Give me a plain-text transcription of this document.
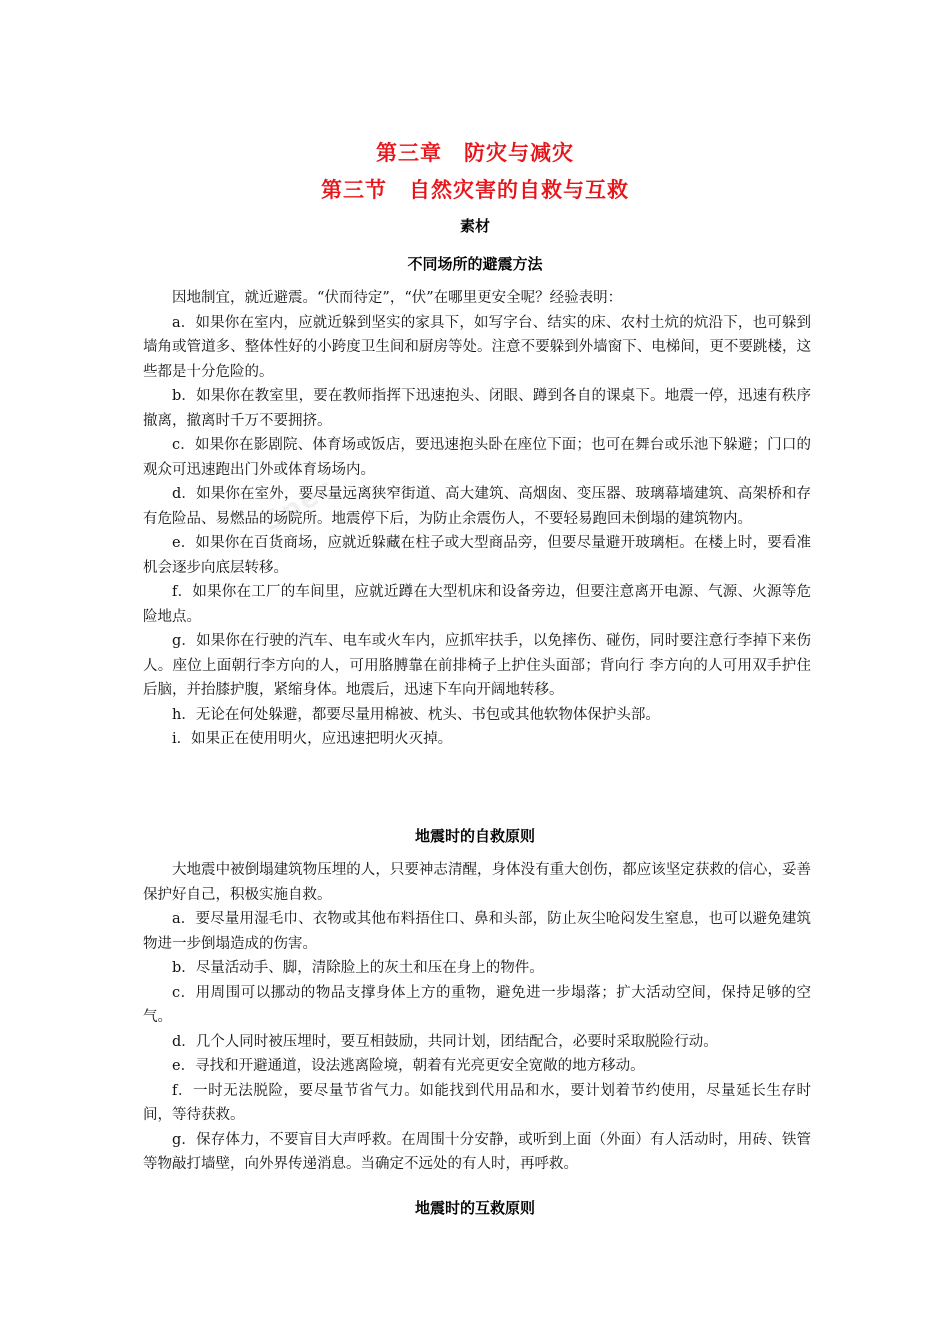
Spec
第三章　防灾与减灾
第三节　自然灾害的自救与互救
素材
不同场所的避震方法

因地制宜，就近避震。“伏而待定”，“伏”在哪里更安全呢？经验表明：

a．如果你在室内，应就近躲到坚实的家具下，如写字台、结实的床、农村土炕的炕沿下，也可躲到墙角或管道多、整体性好的小跨度卫生间和厨房等处。注意不要躲到外墙窗下、电梯间，更不要跳楼，这些都是十分危险的。

b．如果你在教室里，要在教师指挥下迅速抱头、闭眼、蹲到各自的课桌下。地震一停，迅速有秩序撤离，撤离时千万不要拥挤。

c．如果你在影剧院、体育场或饭店，要迅速抱头卧在座位下面；也可在舞台或乐池下躲避；门口的观众可迅速跑出门外或体育场场内。

d．如果你在室外，要尽量远离狭窄街道、高大建筑、高烟囱、变压器、玻璃幕墙建筑、高架桥和存有危险品、易燃品的场院所。地震停下后，为防止余震伤人，不要轻易跑回未倒塌的建筑物内。

e．如果你在百货商场，应就近躲藏在柱子或大型商品旁，但要尽量避开玻璃柜。在楼上时，要看准机会逐步向底层转移。

f．如果你在工厂的车间里，应就近蹲在大型机床和设备旁边，但要注意离开电源、气源、火源等危险地点。

g．如果你在行驶的汽车、电车或火车内，应抓牢扶手，以免摔伤、碰伤，同时要注意行李掉下来伤人。座位上面朝行李方向的人，可用胳膊靠在前排椅子上护住头面部；背向行 李方向的人可用双手护住后脑，并抬膝护腹，紧缩身体。地震后，迅速下车向开阔地转移。

h．无论在何处躲避，都要尽量用棉被、枕头、书包或其他软物体保护头部。

i．如果正在使用明火，应迅速把明火灭掉。

地震时的自救原则

大地震中被倒塌建筑物压埋的人，只要神志清醒，身体没有重大创伤，都应该坚定获救的信心，妥善保护好自己，积极实施自救。

a．要尽量用湿毛巾、衣物或其他布料捂住口、鼻和头部，防止灰尘呛闷发生窒息，也可以避免建筑物进一步倒塌造成的伤害。

b．尽量活动手、脚，清除脸上的灰土和压在身上的物件。

c．用周围可以挪动的物品支撑身体上方的重物，避免进一步塌落；扩大活动空间，保持足够的空气。

d．几个人同时被压埋时，要互相鼓励，共同计划，团结配合，必要时采取脱险行动。

e．寻找和开避通道，设法逃离险境，朝着有光亮更安全宽敞的地方移动。

f．一时无法脱险，要尽量节省气力。如能找到代用品和水，要计划着节约使用，尽量延长生存时间，等待获救。

g．保存体力，不要盲目大声呼救。在周围十分安静，或听到上面（外面）有人活动时，用砖、铁管等物敲打墙壁，向外界传递消息。当确定不远处的有人时，再呼救。

地震时的互救原则
